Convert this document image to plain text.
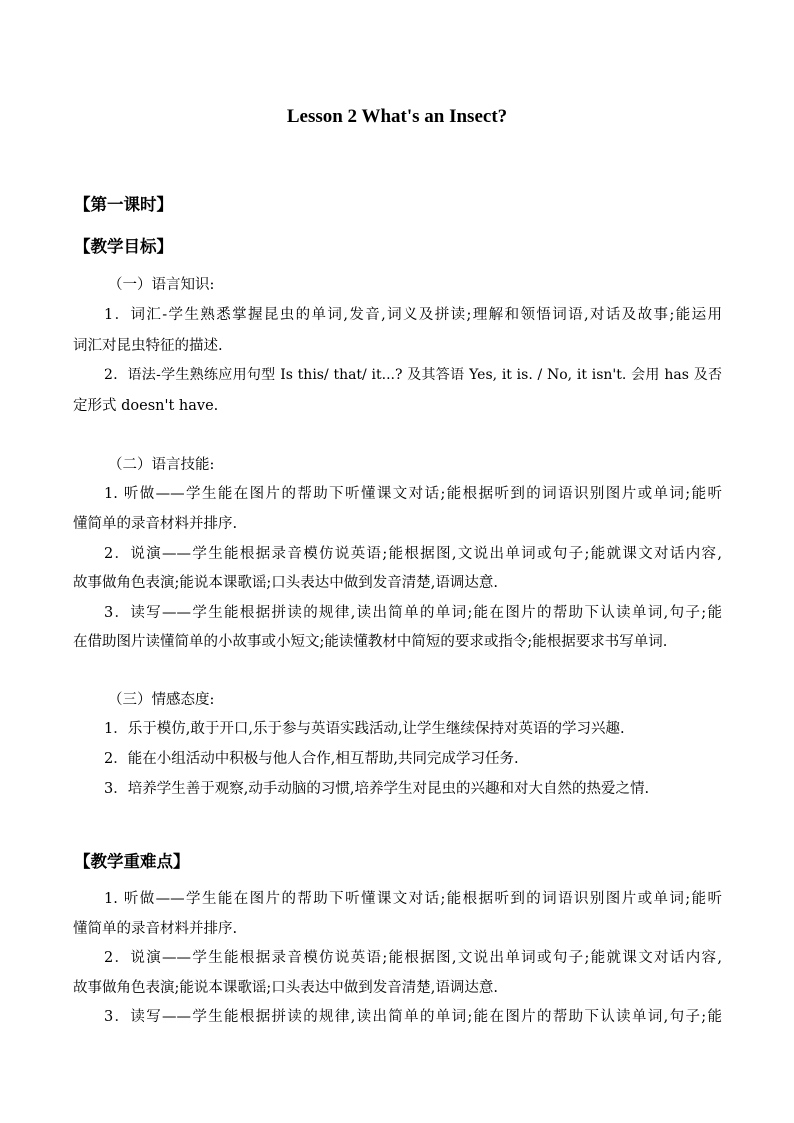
Lesson 2 What's an Insect?
【第一课时】
【教学目标】
（一）语言知识:
1．词汇-学生熟悉掌握昆虫的单词,发音,词义及拼读;理解和领悟词语,对话及故事;能运用
词汇对昆虫特征的描述.
2．语法-学生熟练应用句型 Is this/ that/ it...? 及其答语 Yes, it is. / No, it isn't. 会用 has 及否
定形式 doesn't have.
（二）语言技能:
1. 听做——学生能在图片的帮助下听懂课文对话;能根据听到的词语识别图片或单词;能听
懂简单的录音材料并排序.
2．说演——学生能根据录音模仿说英语;能根据图,文说出单词或句子;能就课文对话内容,
故事做角色表演;能说本课歌谣;口头表达中做到发音清楚,语调达意.
3．读写——学生能根据拼读的规律,读出简单的单词;能在图片的帮助下认读单词,句子;能
在借助图片读懂简单的小故事或小短文;能读懂教材中简短的要求或指令;能根据要求书写单词.
（三）情感态度:
1．乐于模仿,敢于开口,乐于参与英语实践活动,让学生继续保持对英语的学习兴趣.
2．能在小组活动中积极与他人合作,相互帮助,共同完成学习任务.
3．培养学生善于观察,动手动脑的习惯,培养学生对昆虫的兴趣和对大自然的热爱之情.
【教学重难点】
1. 听做——学生能在图片的帮助下听懂课文对话;能根据听到的词语识别图片或单词;能听
懂简单的录音材料并排序.
2．说演——学生能根据录音模仿说英语;能根据图,文说出单词或句子;能就课文对话内容,
故事做角色表演;能说本课歌谣;口头表达中做到发音清楚,语调达意.
3．读写——学生能根据拼读的规律,读出简单的单词;能在图片的帮助下认读单词,句子;能
